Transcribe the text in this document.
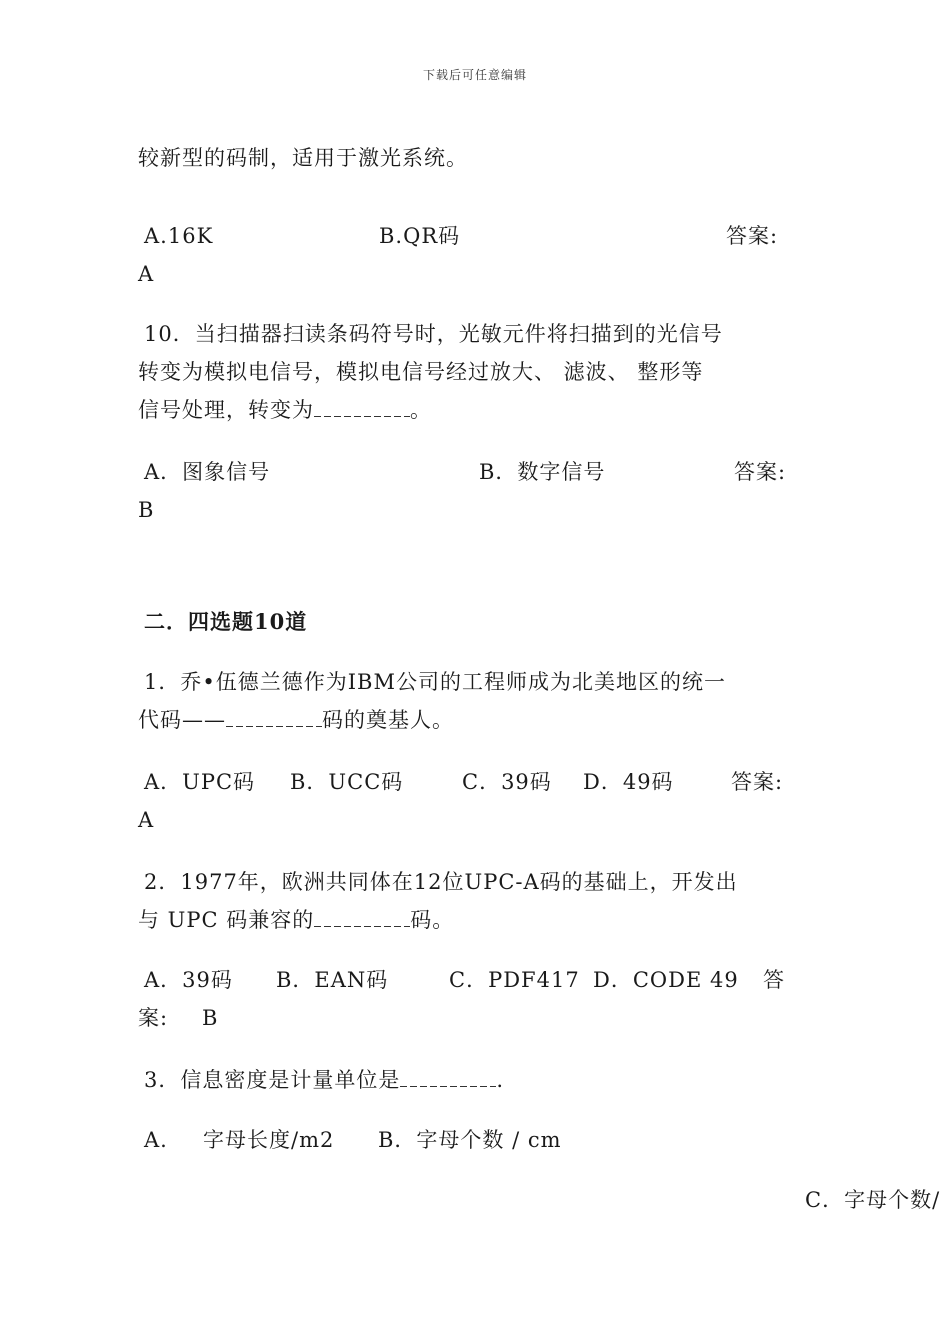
下载后可任意编辑
较新型的码制，适用于激光系统。
A.16K	B.QR码	答案:
A
10．当扫描器扫读条码符号时，光敏元件将扫描到的光信号
转变为模拟电信号，模拟电信号经过放大、 滤波、 整形等
信号处理，转变为	。
A．图象信号	B．数字信号	答案:
B
二．四选题10道
1．乔•伍德兰德作为IBM公司的工程师成为北美地区的统一
代码——	码的奠基人。
A．UPC码 B．UCC码	C．39码 D．49码	答案:
A
2．1977年，欧洲共同体在12位UPC-A码的基础上，开发出
与 UPC 码兼容的	码。
A．39码 B．EAN码	C．PDF417 D．CODE 49 答
案: B
3．信息密度是计量单位是	.
A. 字母长度/m2 B．字母个数 / cm
C．字母个数/
